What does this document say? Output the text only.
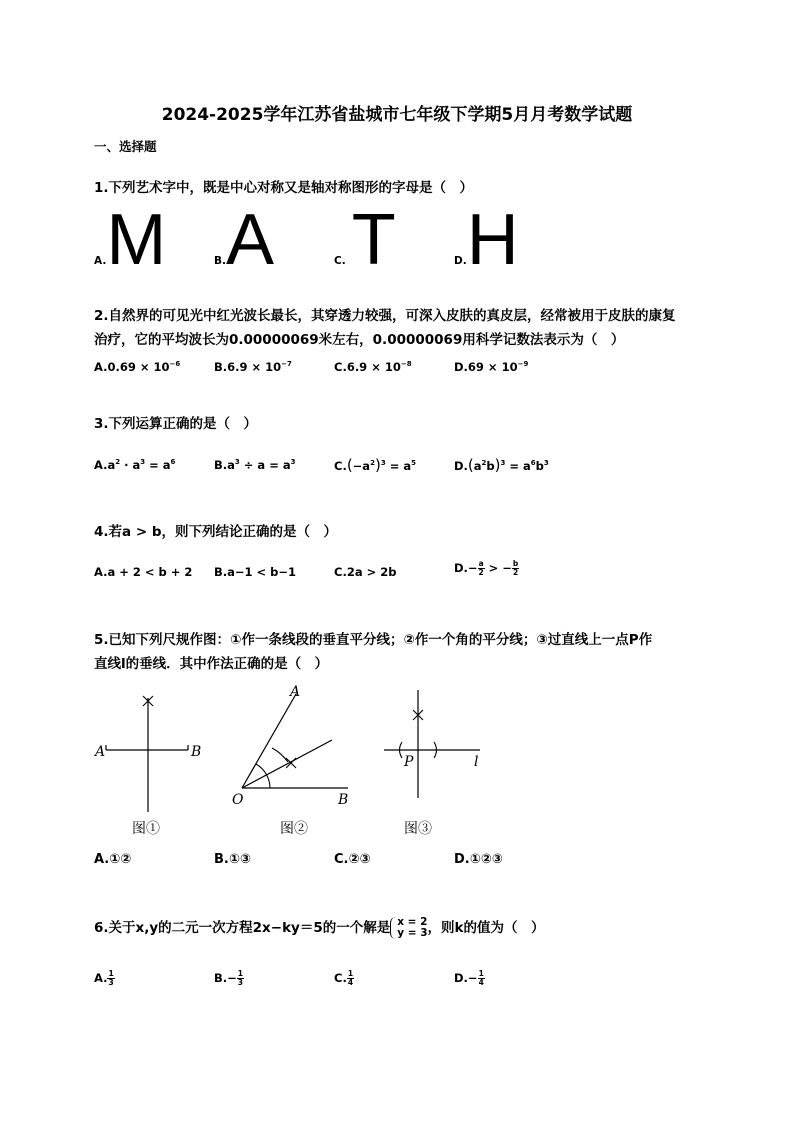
2024-2025学年江苏省盐城市七年级下学期5月月考数学试题
一、选择题
1.下列艺术字中，既是中心对称又是轴对称图形的字母是（　）
A.M	B.A	C.T	D.H
2.自然界的可见光中红光波长最长，其穿透力较强，可深入皮肤的真皮层，经常被用于皮肤的康复
治疗，它的平均波长为0.00000069米左右，0.00000069用科学记数法表示为（　）
$A.0.69 \times 10^{-6}$	$B.6.9 \times 10^{-7}$	$C.6.9 \times 10^{-8}$	$D.69 \times 10^{-9}$
3.下列运算正确的是（　）
$A.a^2 \cdot a^3 = a^6$	$B.a^3 \div a = a^3$	$C.(-a^2)^3 = a^5$	$D.(a^2b)^3 = a^6b^3$
4.若a > b，则下列结论正确的是（　）
A.a + 2 < b + 2 B.a−1 < b−1	C.2a > 2b	$D.- \frac{a}{2}$ > − $\frac{b}{2}$
5.已知下列尺规作图：①作一条线段的垂直平分线；②作一个角的平分线；③过直线上一点P作
直线l的垂线．其中作法正确的是（　）
A	B
图①
A
O	B
图②
P	l
图③
A.①②	B.①③	C.②③	D.①②③
6.关于x,y的二元一次方程2x−ky＝5的一个解是 x = 2
y = 3 ，则k的值为（　）
A. $\frac{1}{3}$	$B.- \frac{1}{3}$	C. $\frac{1}{4}$	$D.- \frac{1}{4}$
